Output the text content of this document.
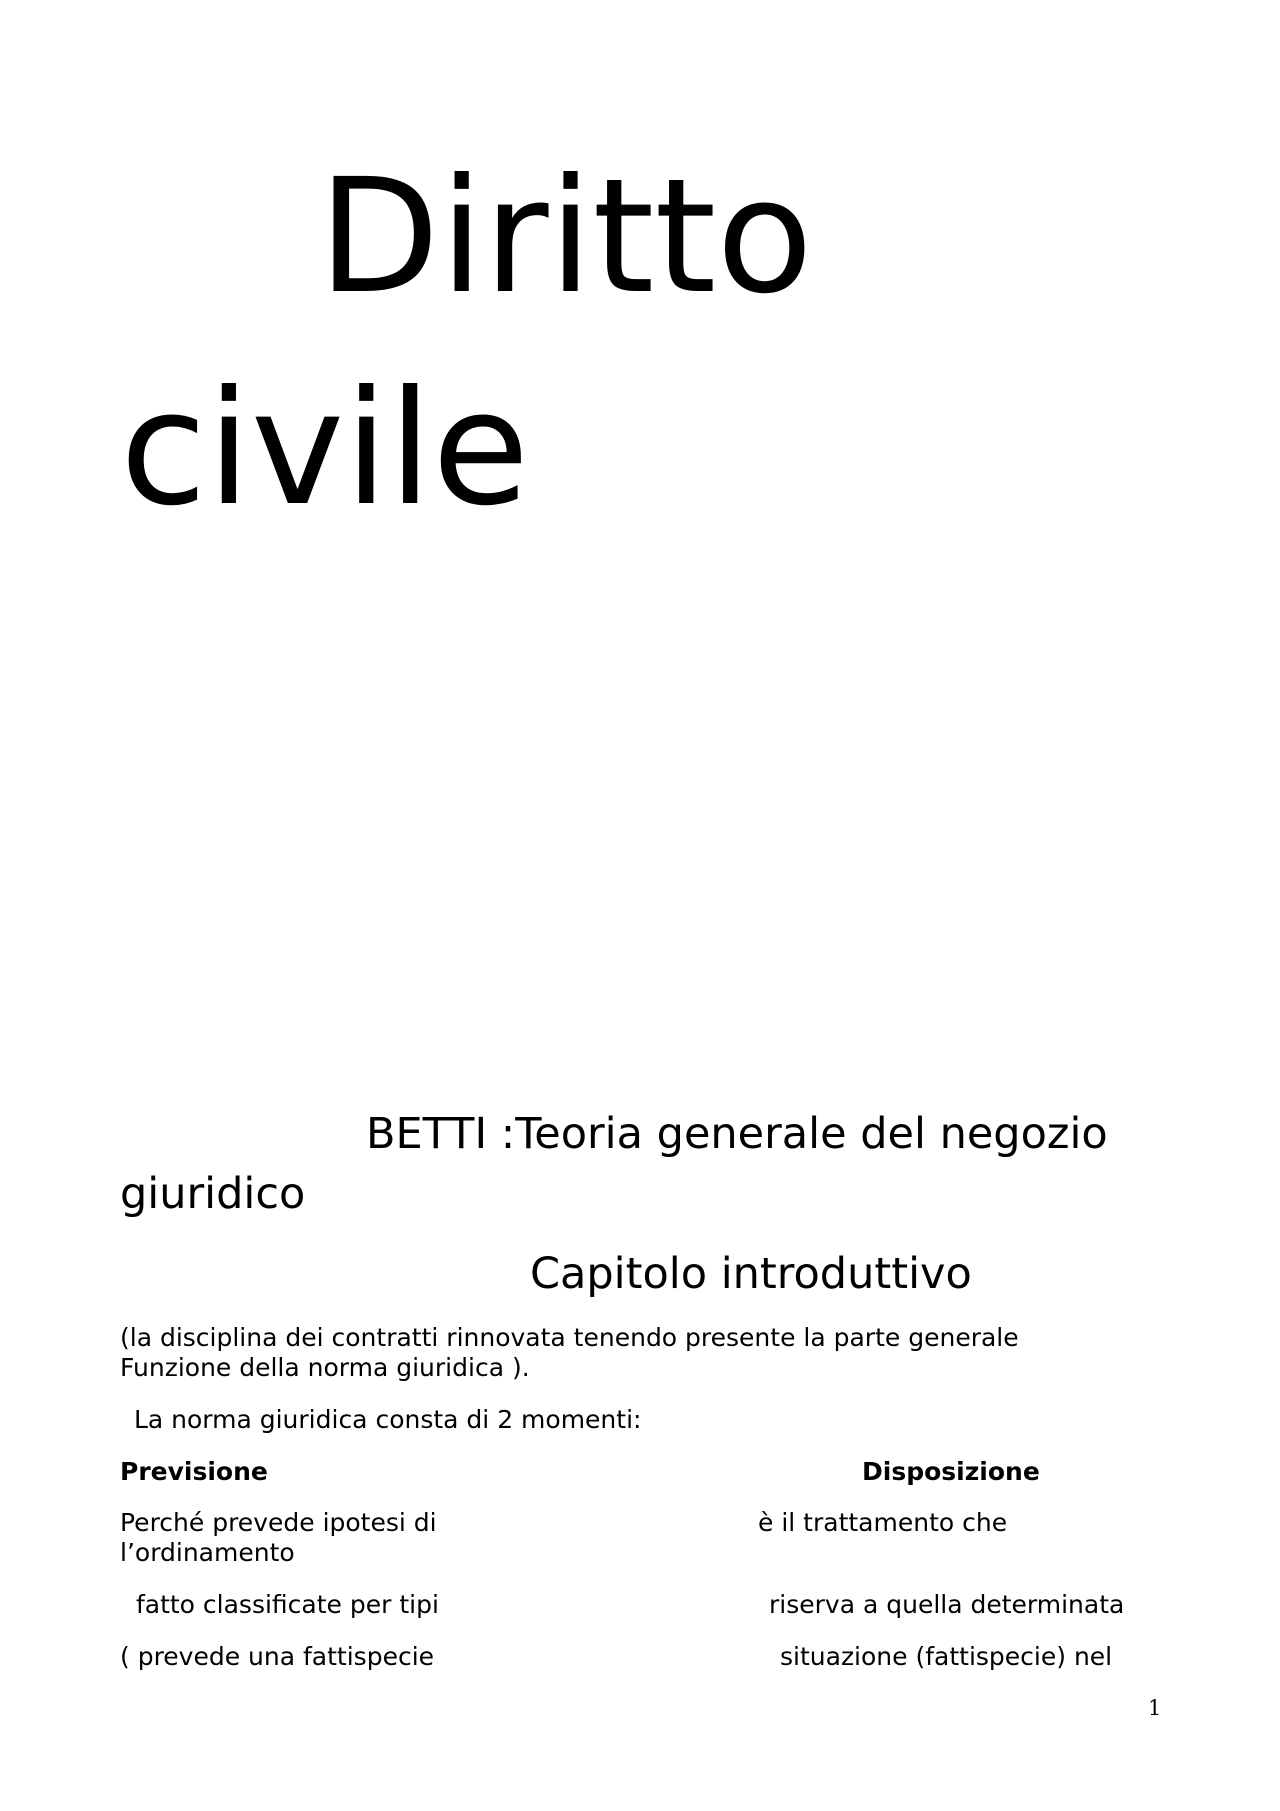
Diritto
civile
BETTI :Teoria generale del negozio
giuridico
Capitolo introduttivo
(la disciplina dei contratti rinnovata tenendo presente la parte generale
Funzione della norma giuridica ).
La norma giuridica consta di 2 momenti:
Previsione	Disposizione
Perché prevede ipotesi di	è il trattamento che
l’ordinamento
fatto classificate per tipi	riserva a quella determinata
( prevede una fattispecie	situazione (fattispecie) nel
1
